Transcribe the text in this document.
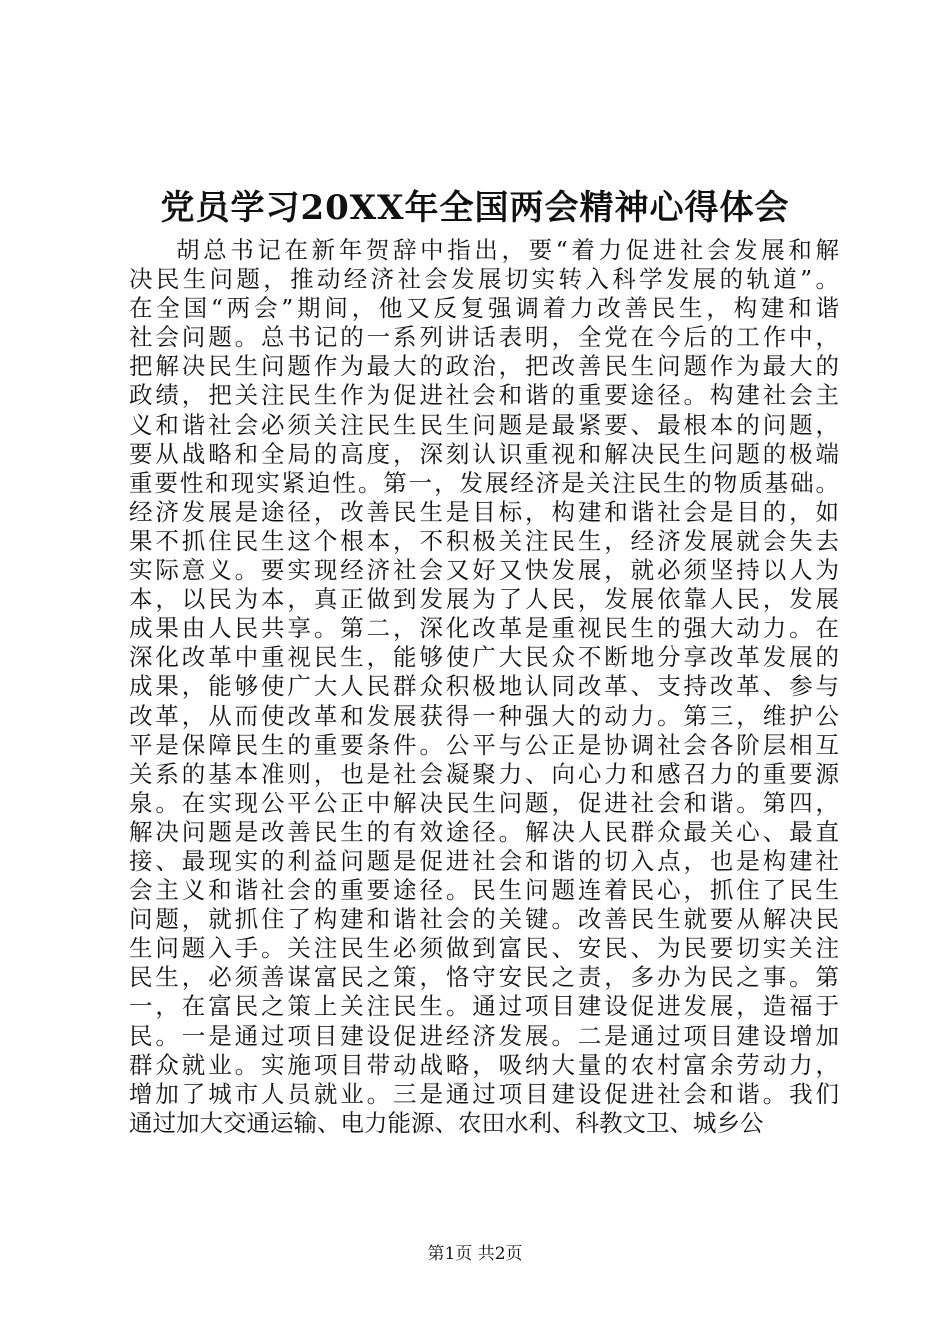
党员学习20XX年全国两会精神心得体会
胡总书记在新年贺辞中指出，要“着力促进社会发展和解
决民生问题，推动经济社会发展切实转入科学发展的轨道”。
在全国“两会”期间，他又反复强调着力改善民生，构建和谐
社会问题。总书记的一系列讲话表明，全党在今后的工作中，
把解决民生问题作为最大的政治，把改善民生问题作为最大的
政绩，把关注民生作为促进社会和谐的重要途径。构建社会主
义和谐社会必须关注民生民生问题是最紧要、最根本的问题，
要从战略和全局的高度，深刻认识重视和解决民生问题的极端
重要性和现实紧迫性。第一，发展经济是关注民生的物质基础。
经济发展是途径，改善民生是目标，构建和谐社会是目的，如
果不抓住民生这个根本，不积极关注民生，经济发展就会失去
实际意义。要实现经济社会又好又快发展，就必须坚持以人为
本，以民为本，真正做到发展为了人民，发展依靠人民，发展
成果由人民共享。第二，深化改革是重视民生的强大动力。在
深化改革中重视民生，能够使广大民众不断地分享改革发展的
成果，能够使广大人民群众积极地认同改革、支持改革、参与
改革，从而使改革和发展获得一种强大的动力。第三，维护公
平是保障民生的重要条件。公平与公正是协调社会各阶层相互
关系的基本准则，也是社会凝聚力、向心力和感召力的重要源
泉。在实现公平公正中解决民生问题，促进社会和谐。第四，
解决问题是改善民生的有效途径。解决人民群众最关心、最直
接、最现实的利益问题是促进社会和谐的切入点，也是构建社
会主义和谐社会的重要途径。民生问题连着民心，抓住了民生
问题，就抓住了构建和谐社会的关键。改善民生就要从解决民
生问题入手。关注民生必须做到富民、安民、为民要切实关注
民生，必须善谋富民之策，恪守安民之责，多办为民之事。第
一，在富民之策上关注民生。通过项目建设促进发展，造福于
民。一是通过项目建设促进经济发展。二是通过项目建设增加
群众就业。实施项目带动战略，吸纳大量的农村富余劳动力，
增加了城市人员就业。三是通过项目建设促进社会和谐。我们
通过加大交通运输、电力能源、农田水利、科教文卫、城乡公
第1页 共2页
